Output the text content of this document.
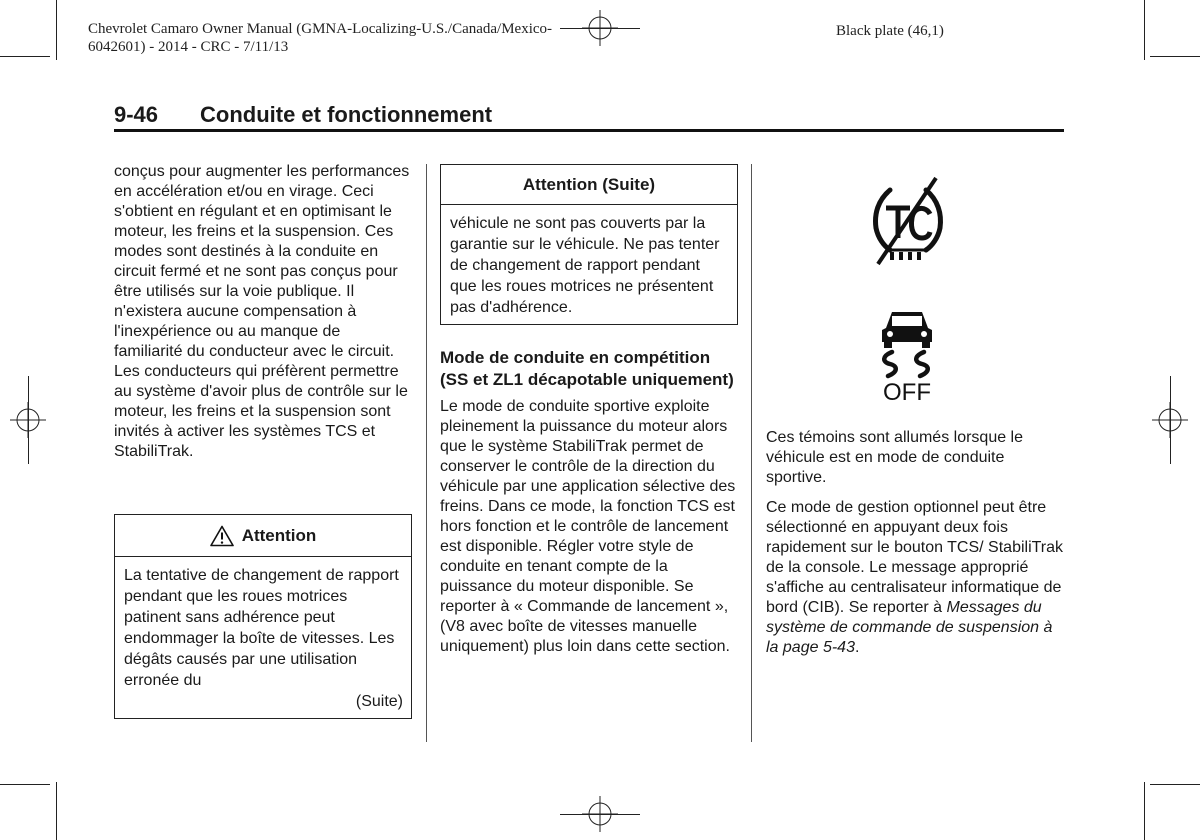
Chevrolet Camaro Owner Manual (GMNA-Localizing-U.S./Canada/Mexico-
6042601) - 2014 - CRC - 7/11/13
Black plate (46,1)
9-46 Conduite et fonctionnement

conçus pour augmenter les performances en accélération et/ou en virage. Ceci s'obtient en régulant et en optimisant le moteur, les freins et la suspension. Ces modes sont destinés à la conduite en circuit fermé et ne sont pas conçus pour être utilisés sur la voie publique. Il n'existera aucune compensation à l'inexpérience ou au manque de familiarité du conducteur avec le circuit. Les conducteurs qui préfèrent permettre au système d'avoir plus de contrôle sur le moteur, les freins et la suspension sont invités à activer les systèmes TCS et StabiliTrak.

Attention
La tentative de changement de rapport pendant que les roues motrices patinent sans adhérence peut endommager la boîte de vitesses. Les dégâts causés par une utilisation erronée du
(Suite)
Attention (Suite)
véhicule ne sont pas couverts par la garantie sur le véhicule. Ne pas tenter de changement de rapport pendant que les roues motrices ne présentent pas d'adhérence.
Mode de conduite en compétition (SS et ZL1 décapotable uniquement)

Le mode de conduite sportive exploite pleinement la puissance du moteur alors que le système StabiliTrak permet de conserver le contrôle de la direction du véhicule par une application sélective des freins. Dans ce mode, la fonction TCS est hors fonction et le contrôle de lancement est disponible. Régler votre style de conduite en tenant compte de la puissance du moteur disponible. Se reporter à « Commande de lancement », (V8 avec boîte de vitesses manuelle uniquement) plus loin dans cette section.

OFF

Ces témoins sont allumés lorsque le véhicule est en mode de conduite sportive.

Ce mode de gestion optionnel peut être sélectionné en appuyant deux fois rapidement sur le bouton TCS/ StabiliTrak de la console. Le message approprié s'affiche au centralisateur informatique de bord (CIB). Se reporter à Messages du système de commande de suspension à la page 5-43.
